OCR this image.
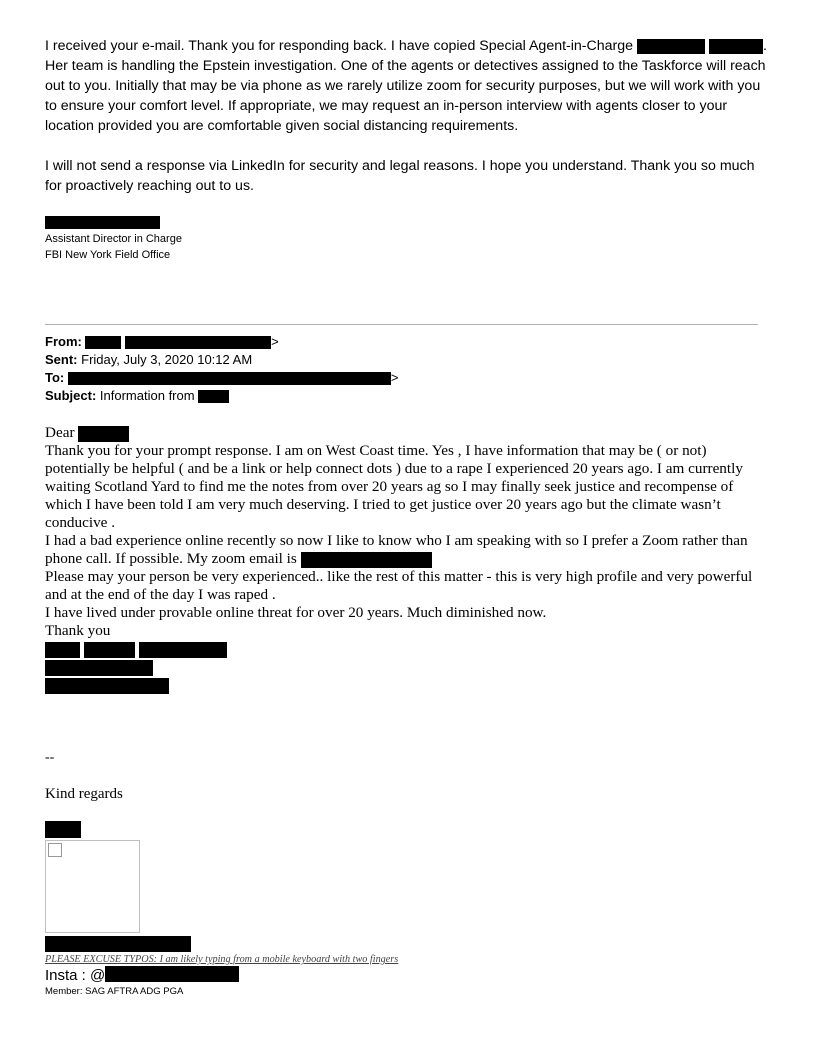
I received your e-mail. Thank you for responding back. I have copied Special Agent-in-Charge	. Her team is handling the Epstein investigation. One of the agents or detectives assigned to the Taskforce will reach out to you. Initially that may be via phone as we rarely utilize zoom for security purposes, but we will work with you to ensure your comfort level. If appropriate, we may request an in-person interview with agents closer to your location provided you are comfortable given social distancing requirements.

I will not send a response via LinkedIn for security and legal reasons. I hope you understand. Thank you so much for proactively reaching out to us.

Assistant Director in Charge
FBI New York Field Office
From:	>
Sent: Friday, July 3, 2020 10:12 AM
To:	>
Subject: Information from

Dear

Thank you for your prompt response. I am on West Coast time. Yes , I have information that may be ( or not) potentially be helpful ( and be a link or help connect dots ) due to a rape I experienced 20 years ago. I am currently waiting Scotland Yard to find me the notes from over 20 years ag so I may finally seek justice and recompense of which I have been told I am very much deserving. I tried to get justice over 20 years ago but the climate wasn’t conducive .

I had a bad experience online recently so now I like to know who I am speaking with so I prefer a Zoom rather than phone call. If possible. My zoom email is

Please may your person be very experienced.. like the rest of this matter - this is very high profile and very powerful and at the end of the day I was raped .

I have lived under provable online threat for over 20 years. Much diminished now.

Thank you

--
Kind regards
PLEASE EXCUSE TYPOS: I am likely typing from a mobile keyboard with two fingers
Insta : @
Member: SAG AFTRA ADG PGA
